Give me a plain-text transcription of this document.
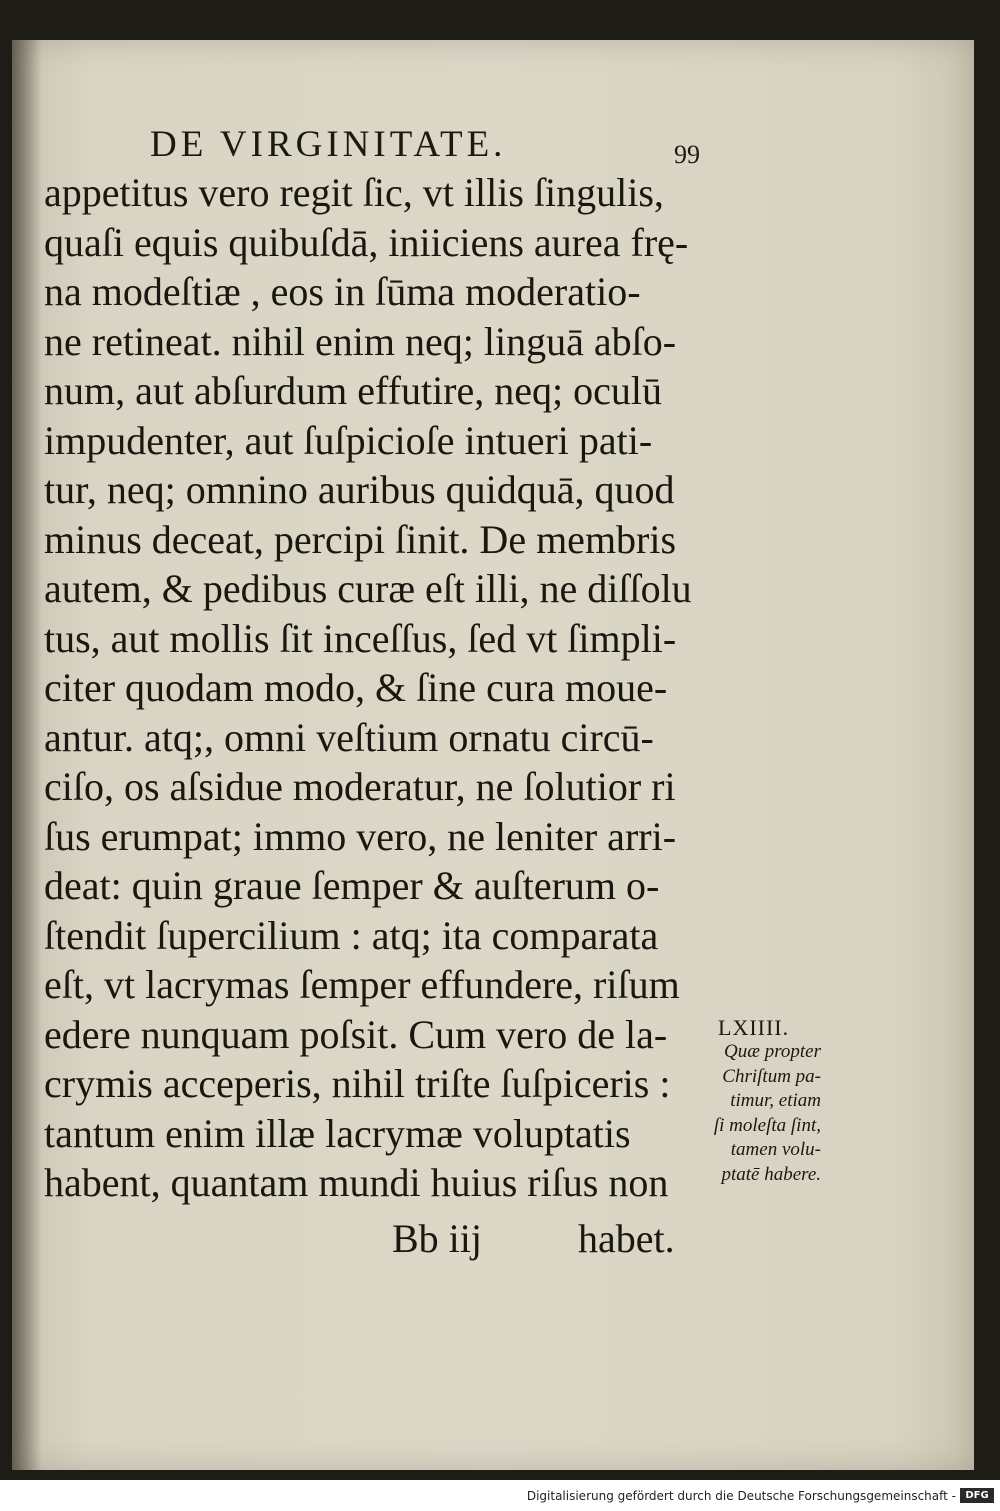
DE VIRGINITATE.	99
appetitus vero regit ſic, vt illis ſingulis,
quaſi equis quibuſdā, iniiciens aurea frę-
na modeſtiæ , eos in ſūma moderatio-
ne retineat. nihil enim neq; linguā abſo-
num, aut abſurdum effutire, neq; oculū
impudenter, aut ſuſpicioſe intueri pati-
tur, neq; omnino auribus quidquā, quod
minus deceat, percipi ſinit. De membris
autem, & pedibus curæ eſt illi, ne diſſolu
tus, aut mollis ſit inceſſus, ſed vt ſimpli-
citer quodam modo, & ſine cura moue-
antur. atq;, omni veſtium ornatu circū-
ciſo, os aſsidue moderatur, ne ſolutior ri
ſus erumpat; immo vero, ne leniter arri-
deat: quin graue ſemper & auſterum o-
ſtendit ſupercilium : atq; ita comparata
eſt, vt lacrymas ſemper effundere, riſum
edere nunquam poſsit. Cum vero de la-
crymis acceperis, nihil triſte ſuſpiceris :
tantum enim illæ lacrymæ voluptatis
habent, quantam mundi huius riſus non
Bb iij habet.
LXIIII.
Quæ propter
Chriſtum pa-
timur, etiam
ſi moleſta ſint,
tamen volu-
ptatē habere.
Digitalisierung gefördert durch die Deutsche Forschungsgemeinschaft - DFG
